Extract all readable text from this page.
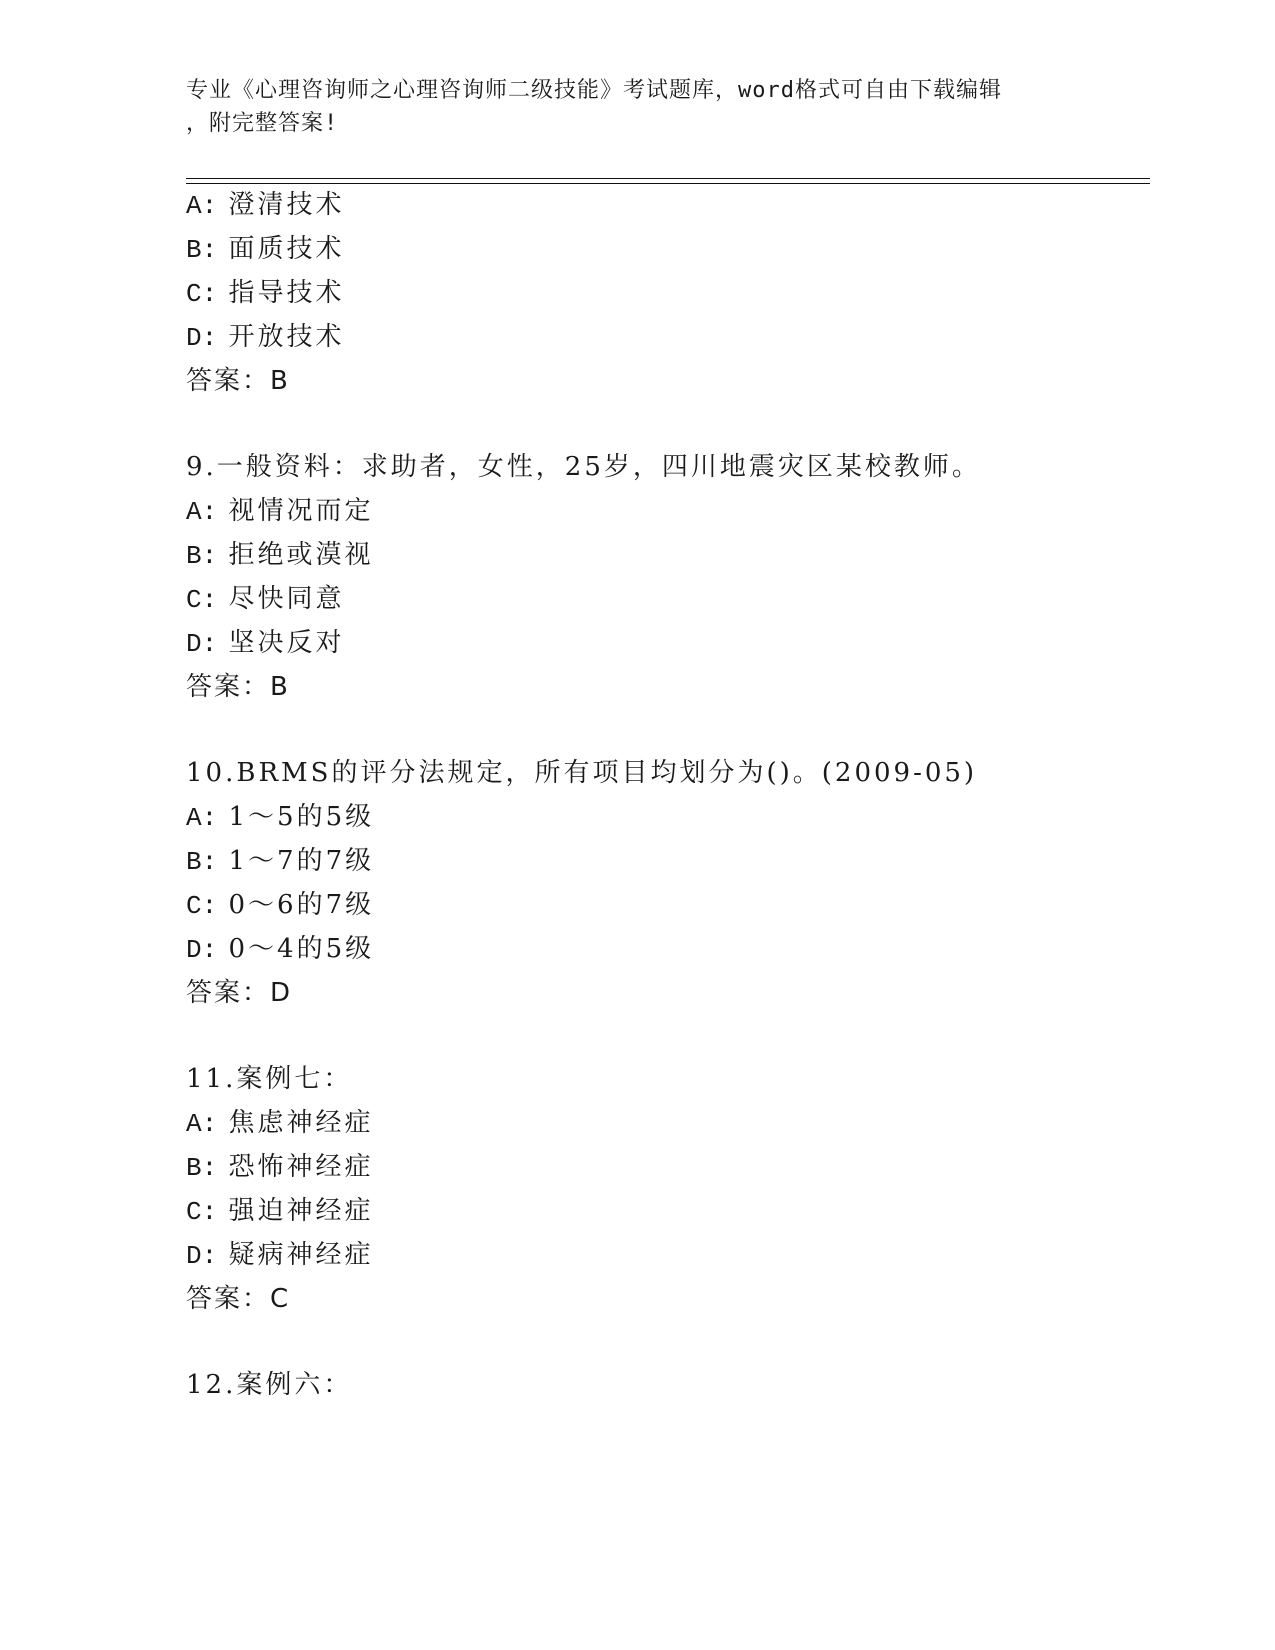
专业《心理咨询师之心理咨询师二级技能》考试题库，word格式可自由下载编辑
，附完整答案!
A: 澄清技术
B: 面质技术
C: 指导技术
D: 开放技术
答案：B
9.一般资料：求助者，女性，25岁，四川地震灾区某校教师。
A: 视情况而定
B: 拒绝或漠视
C: 尽快同意
D: 坚决反对
答案：B
10.BRMS的评分法规定，所有项目均划分为()。(2009-05)
A: 1～5的5级
B: 1～7的7级
C: 0～6的7级
D: 0～4的5级
答案：D
11.案例七：
A: 焦虑神经症
B: 恐怖神经症
C: 强迫神经症
D: 疑病神经症
答案：C
12.案例六：
